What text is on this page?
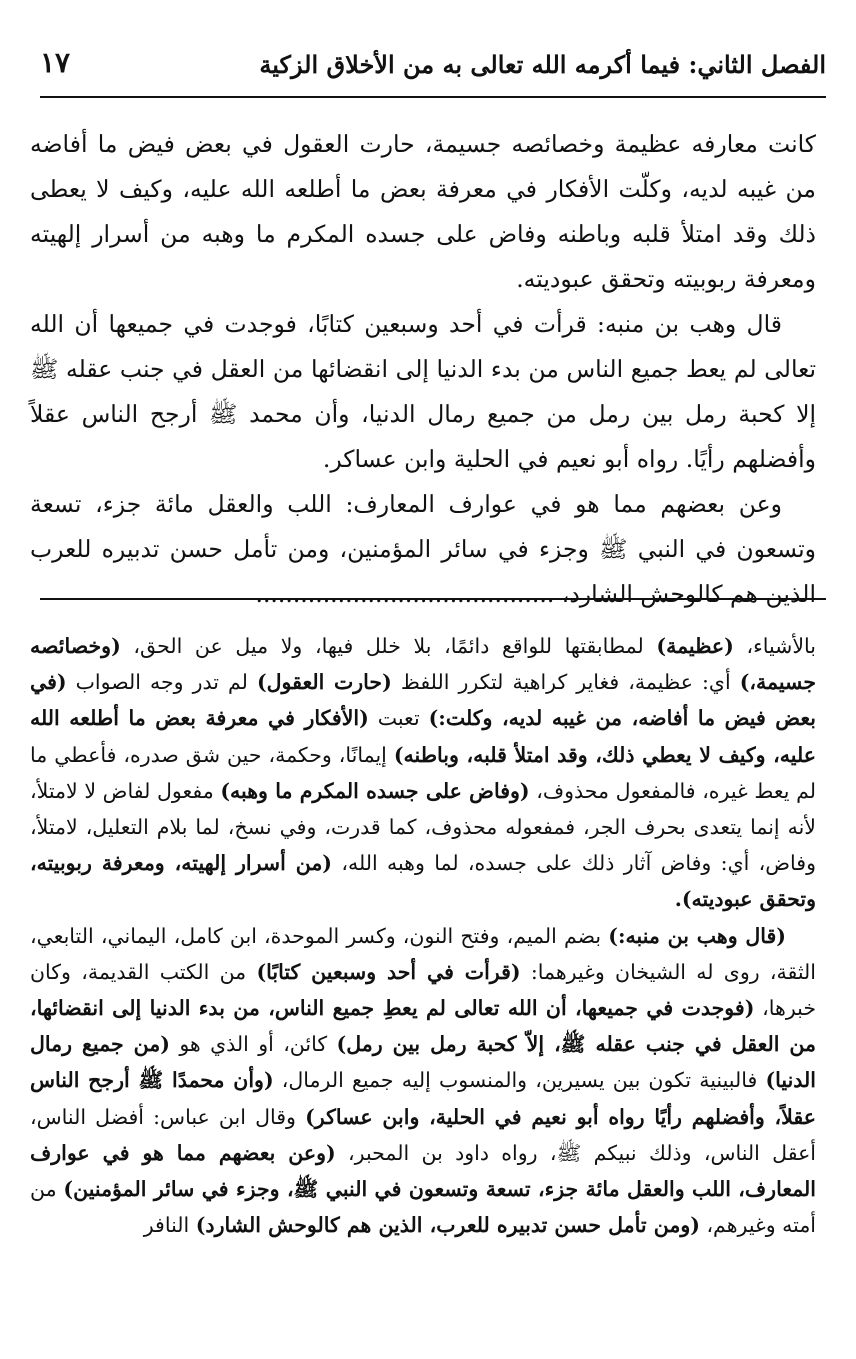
١٧	الفصل الثاني: فيما أكرمه الله تعالى به من الأخلاق الزكية

كانت معارفه عظيمة وخصائصه جسيمة، حارت العقول في بعض فيض ما أفاضه من غيبه لديه، وكلّت الأفكار في معرفة بعض ما أطلعه الله عليه، وكيف لا يعطى ذلك وقد امتلأ قلبه وباطنه وفاض على جسده المكرم ما وهبه من أسرار إلهيته ومعرفة ربوبيته وتحقق عبوديته.

قال وهب بن منبه: قرأت في أحد وسبعين كتابًا، فوجدت في جميعها أن الله تعالى لم يعط جميع الناس من بدء الدنيا إلى انقضائها من العقل في جنب عقله ﷺ إلا كحبة رمل بين رمل من جميع رمال الدنيا، وأن محمد ﷺ أرجح الناس عقلاً وأفضلهم رأيًا. رواه أبو نعيم في الحلية وابن عساكر.

وعن بعضهم مما هو في عوارف المعارف: اللب والعقل مائة جزء، تسعة وتسعون في النبي ﷺ وجزء في سائر المؤمنين، ومن تأمل حسن تدبيره للعرب الذين هم كالوحش الشارد، ........................................

بالأشياء، (عظيمة) لمطابقتها للواقع دائمًا، بلا خلل فيها، ولا ميل عن الحق، (وخصائصه جسيمة،) أي: عظيمة، فغاير كراهية لتكرر اللفظ (حارت العقول) لم تدر وجه الصواب (في بعض فيض ما أفاضه، من غيبه لديه، وكلت:) تعبت (الأفكار في معرفة بعض ما أطلعه الله عليه، وكيف لا يعطي ذلك، وقد امتلأ قلبه، وباطنه) إيمانًا، وحكمة، حين شق صدره، فأعطي ما لم يعط غيره، فالمفعول محذوف، (وفاض على جسده المكرم ما وهبه) مفعول لفاض لا لامتلأ، لأنه إنما يتعدى بحرف الجر، فمفعوله محذوف، كما قدرت، وفي نسخ، لما بلام التعليل، لامتلأ، وفاض، أي: وفاض آثار ذلك على جسده، لما وهبه الله، (من أسرار إلهيته، ومعرفة ربوبيته، وتحقق عبوديته).

(قال وهب بن منبه:) بضم الميم، وفتح النون، وكسر الموحدة، ابن كامل، اليماني، التابعي، الثقة، روى له الشيخان وغيرهما: (قرأت في أحد وسبعين كتابًا) من الكتب القديمة، وكان خبرها، (فوجدت في جميعها، أن الله تعالى لم يعطِ جميع الناس، من بدء الدنيا إلى انقضائها، من العقل في جنب عقله ﷺ، إلاّ كحبة رمل بين رمل) كائن، أو الذي هو (من جميع رمال الدنيا) فالبينية تكون بين يسيرين، والمنسوب إليه جميع الرمال، (وأن محمدًا ﷺ أرجح الناس عقلاً، وأفضلهم رأيًا رواه أبو نعيم في الحلية، وابن عساكر) وقال ابن عباس: أفضل الناس، أعقل الناس، وذلك نبيكم ﷺ، رواه داود بن المحبر، (وعن بعضهم مما هو في عوارف المعارف، اللب والعقل مائة جزء، تسعة وتسعون في النبي ﷺ، وجزء في سائر المؤمنين) من أمته وغيرهم، (ومن تأمل حسن تدبيره للعرب، الذين هم كالوحش الشارد) النافر
